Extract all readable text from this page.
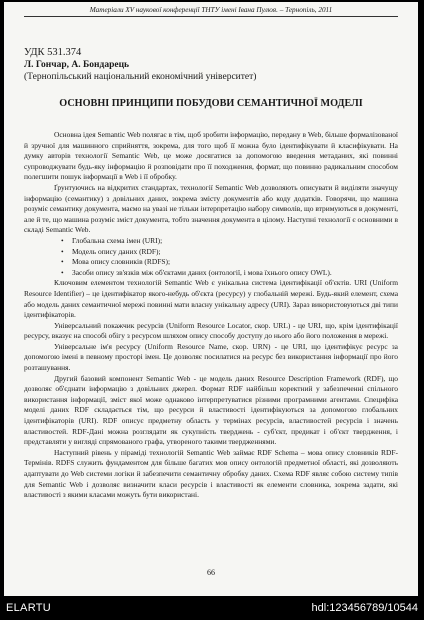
Матеріали XV наукової конференції ТНТУ імені Івана Пулюя. – Тернопіль, 2011
УДК 531.374
Л. Гончар, А. Бондарець
(Тернопільський національний економічний університет)
ОСНОВНІ ПРИНЦИПИ ПОБУДОВИ СЕМАНТИЧНОЇ МОДЕЛІ

Основна ідея Semantic Web полягає в тім, щоб зробити інформацію, передану в Web, більше формалізованої й зручної для машинного сприйняття, зокрема, для того щоб її можна було ідентифікувати й класифікувати. На думку авторів технології Semantic Web, це може досягатися за допомогою введення метаданих, які повинні супроводжувати будь-яку інформацію й розповідати про її походження, формат, що повинно радикальним способом полегшити пошук інформації в Web і її обробку.

Ґрунтуючись на відкритих стандартах, технології Semantic Web дозволяють описувати й виділяти значущу інформацію (семантику) з довільних даних, зокрема змісту документів або коду додатків. Говорячи, що машина розуміє семантику документа, маємо на увазі не тільки інтерпретацію набору символів, що втримуються в документі, але й те, що машина розуміє зміст документа, тобто значення документа в цілому. Наступні технології є основними в складі Semantic Web.

• Глобальна схема імен (URI);
• Модель опису даних (RDF);
• Мова опису словників (RDFS);
• Засоби опису зв'язків між об'єктами даних (онтології, і мова їхнього опису OWL).

Ключовим елементом технологій Semantic Web є унікальна система ідентифікації об'єктів. URI (Uniform Resource Identifier) – це ідентифікатор якого-небудь об'єкта (ресурсу) у глобальній мережі. Будь-який елемент, схема або модель даних семантичної мережі повинні мати власну унікальну адресу (URI). Зараз використовуються дві типи ідентифікаторів.

Універсальний покажчик ресурсів (Uniform Resource Locator, скор. URL) - це URI, що, крім ідентифікації ресурсу, вказує на способі обігу з ресурсом шляхом опису способу доступу до нього або його положення в мережі.

Універсальне ім'я ресурсу (Uniform Resource Name, скор. URN) - це URI, що ідентифікує ресурс за допомогою імені в певному просторі імен. Це дозволяє посилатися на ресурс без використання інформації про його розташування.

Другий базовий компонент Semantic Web - це модель даних Resource Description Framework (RDF), що дозволяє об'єднати інформацію з довільних джерел. Формат RDF найбільш коректний у забезпеченні спільного використання інформації, зміст якої може однаково інтерпретуватися різними програмними агентами. Специфіка моделі даних RDF складається тім, що ресурси й властивості ідентифікуються за допомогою глобальних ідентифікаторів (URI). RDF описує предметну область у термінах ресурсів, властивостей ресурсів і значень властивостей. RDF-Дані можна розглядати як сукупність тверджень - суб'єкт, предикат і об'єкт твердження, і представляти у вигляді спрямованого графа, утвореного такими твердженнями.

Наступний рівень у піраміді технологій Semantic Web займає RDF Schema – мова опису словників RDF-Термінів. RDFS служить фундаментом для більше багатих мов опису онтологій предметної області, які дозволяють адаптувати до Web системи логіки й забезпечити семантичну обробку даних. Схема RDF являє собою систему типів для Semantic Web і дозволяє визначити класи ресурсів і властивості як елементи словника, зокрема задати, які властивості з якими класами можуть бути використані.

66
ELARTU	hdl:123456789/10544
